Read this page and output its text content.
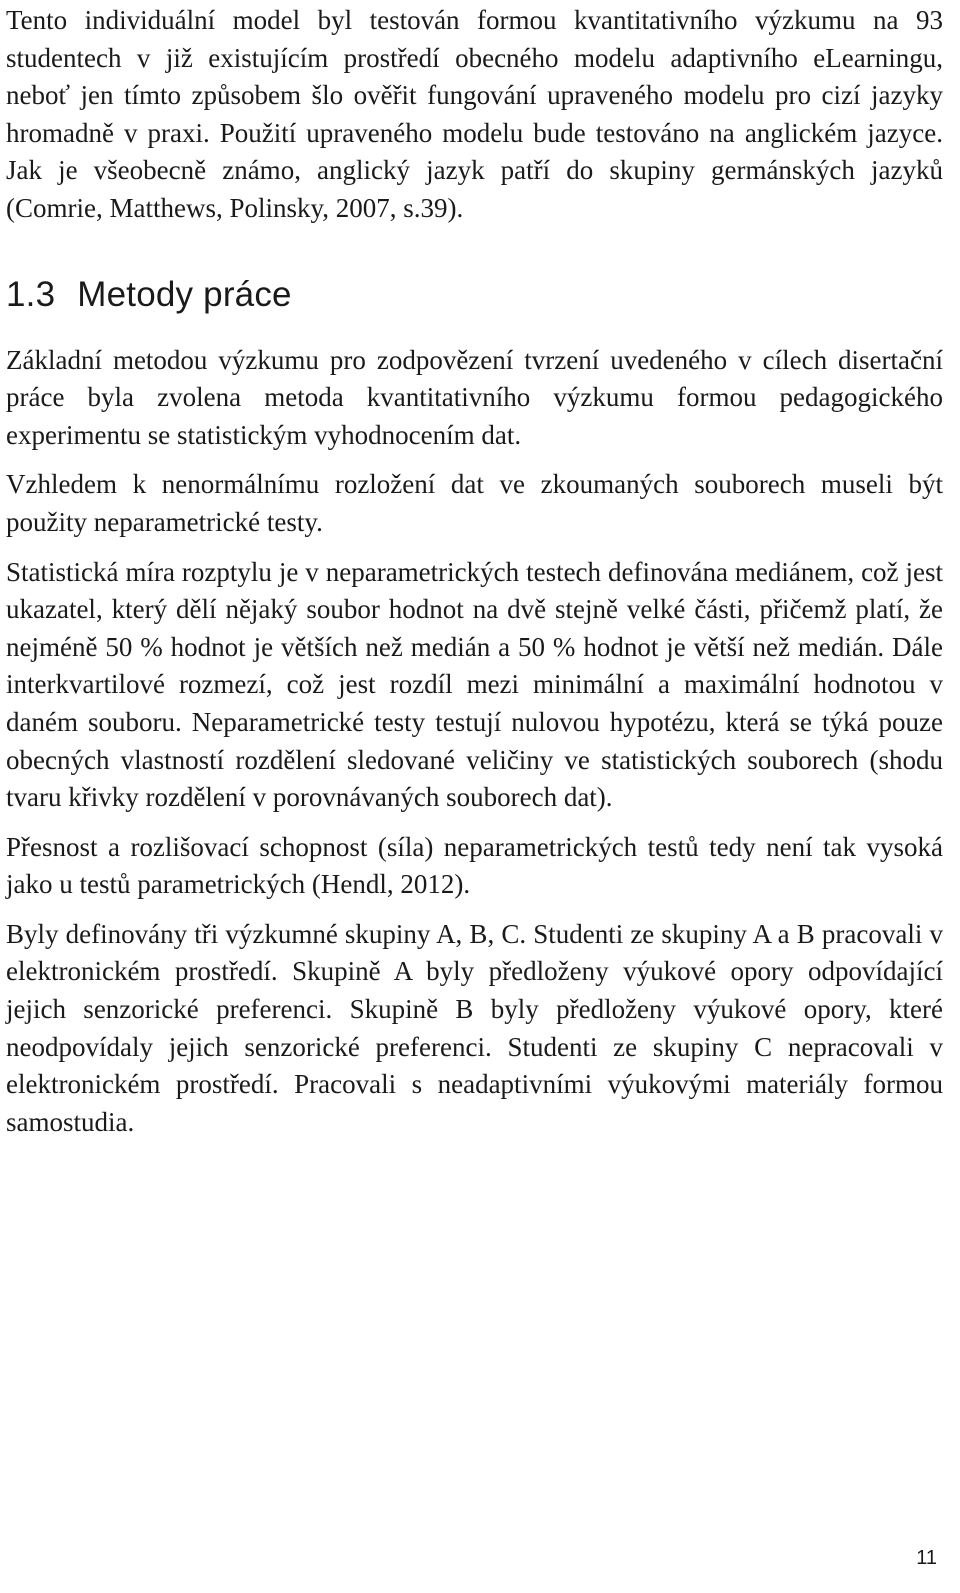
Tento individuální model byl testován formou kvantitativního výzkumu na 93 studentech v již existujícím prostředí obecného modelu adaptivního eLearningu, neboť jen tímto způsobem šlo ověřit fungování upraveného modelu pro cizí jazyky hromadně v praxi. Použití upraveného modelu bude testováno na anglickém jazyce. Jak je všeobecně známo, anglický jazyk patří do skupiny germánských jazyků (Comrie, Matthews, Polinsky, 2007, s.39).

1.3 Metody práce

Základní metodou výzkumu pro zodpovězení tvrzení uvedeného v cílech disertační práce byla zvolena metoda kvantitativního výzkumu formou pedagogického experimentu se statistickým vyhodnocením dat.

Vzhledem k nenormálnímu rozložení dat ve zkoumaných souborech museli být použity neparametrické testy.

Statistická míra rozptylu je v neparametrických testech definována mediánem, což jest ukazatel, který dělí nějaký soubor hodnot na dvě stejně velké části, přičemž platí, že nejméně 50 % hodnot je větších než medián a 50 % hodnot je větší než medián. Dále interkvartilové rozmezí, což jest rozdíl mezi minimální a maximální hodnotou v daném souboru. Neparametrické testy testují nulovou hypotézu, která se týká pouze obecných vlastností rozdělení sledované veličiny ve statistických souborech (shodu tvaru křivky rozdělení v porovnávaných souborech dat).

Přesnost a rozlišovací schopnost (síla) neparametrických testů tedy není tak vysoká jako u testů parametrických (Hendl, 2012).

Byly definovány tři výzkumné skupiny A, B, C. Studenti ze skupiny A a B pracovali v elektronickém prostředí. Skupině A byly předloženy výukové opory odpovídající jejich senzorické preferenci. Skupině B byly předloženy výukové opory, které neodpovídaly jejich senzorické preferenci. Studenti ze skupiny C nepracovali v elektronickém prostředí. Pracovali s neadaptivními výukovými materiály formou samostudia.

11
